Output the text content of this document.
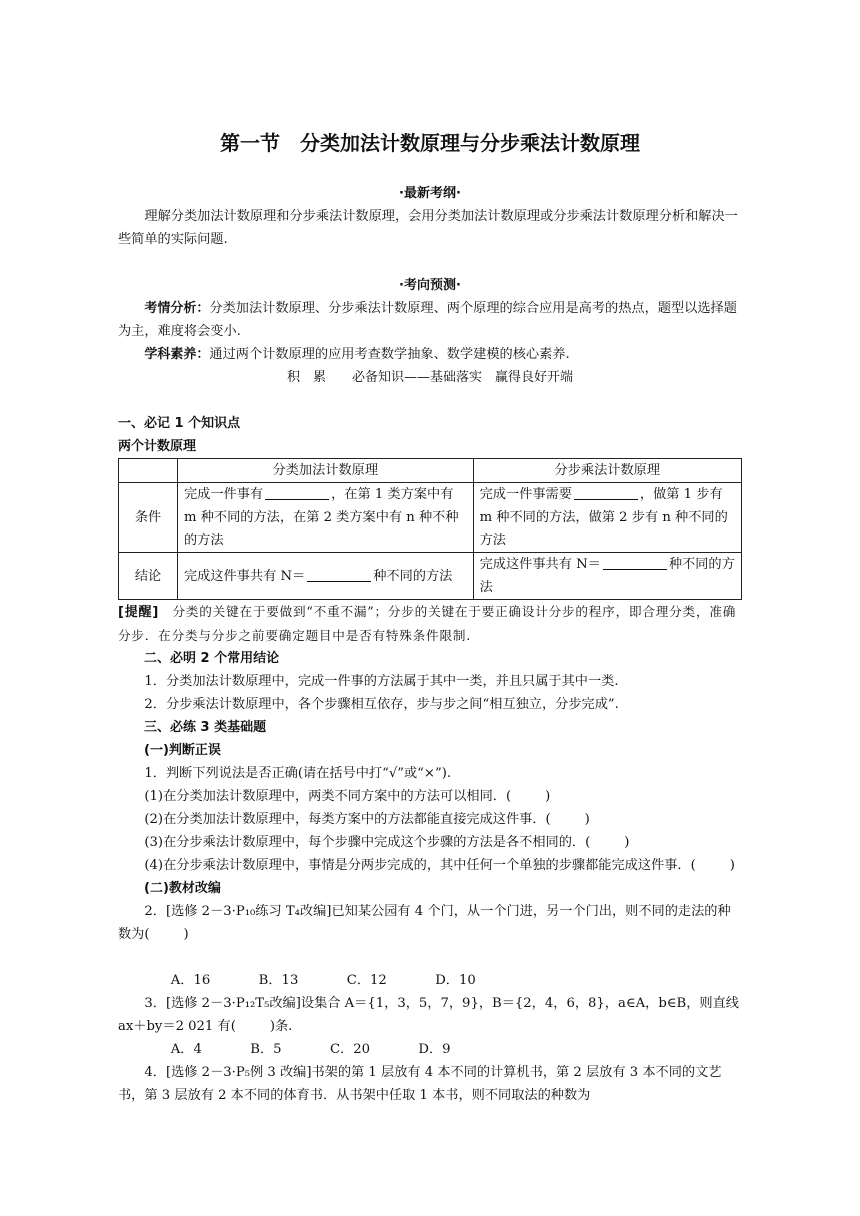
第一节　分类加法计数原理与分步乘法计数原理
·最新考纲·
理解分类加法计数原理和分步乘法计数原理，会用分类加法计数原理或分步乘法计数原理分析和解决一些简单的实际问题.
·考向预测·
考情分析：分类加法计数原理、分步乘法计数原理、两个原理的综合应用是高考的热点，题型以选择题为主，难度将会变小.
学科素养：通过两个计数原理的应用考查数学抽象、数学建模的核心素养.
积　累　　必备知识——基础落实　赢得良好开端
一、必记 1 个知识点
两个计数原理
	分类加法计数原理	分步乘法计数原理
条件	完成一件事有 ，在第 1 类方案中有 m 种不同的方法，在第 2 类方案中有 n 种不种的方法	完成一件事需要 ，做第 1 步有 m 种不同的方法，做第 2 步有 n 种不同的方法
结论	完成这件事共有 N＝ 种不同的方法	完成这件事共有 N＝ 种不同的方法
[提醒]　 分类的关键在于要做到“不重不漏”；分步的关键在于要正确设计分步的程序，即合理分类，准确分步．在分类与分步之前要确定题目中是否有特殊条件限制.
二、必明 2 个常用结论
1．分类加法计数原理中，完成一件事的方法属于其中一类，并且只属于其中一类.
2．分步乘法计数原理中，各个步骤相互依存，步与步之间“相互独立，分步完成”.
三、必练 3 类基础题
(一)判断正误
1．判断下列说法是否正确(请在括号中打“√”或“×”).
(1)在分类加法计数原理中，两类不同方案中的方法可以相同．(	)
(2)在分类加法计数原理中，每类方案中的方法都能直接完成这件事．(	)
(3)在分步乘法计数原理中，每个步骤中完成这个步骤的方法是各不相同的．(	)
(4)在分步乘法计数原理中，事情是分两步完成的，其中任何一个单独的步骤都能完成这件事．(	)
(二)教材改编
2．[选修 2－3·P₁₀练习 T₄改编]已知某公园有 4 个门，从一个门进，另一个门出，则不同的走法的种数为(	)
A．16	B．13	C．12	D．10
3．[选修 2－3·P₁₂T₅改编]设集合 A＝{1，3，5，7，9}，B＝{2，4，6，8}，a∈A，b∈B，则直线 ax＋by＝2 021 有(	)条.
A．4	B．5	C．20	D．9
4．[选修 2－3·P₅例 3 改编]书架的第 1 层放有 4 本不同的计算机书，第 2 层放有 3 本不同的文艺书，第 3 层放有 2 本不同的体育书．从书架中任取 1 本书，则不同取法的种数为
